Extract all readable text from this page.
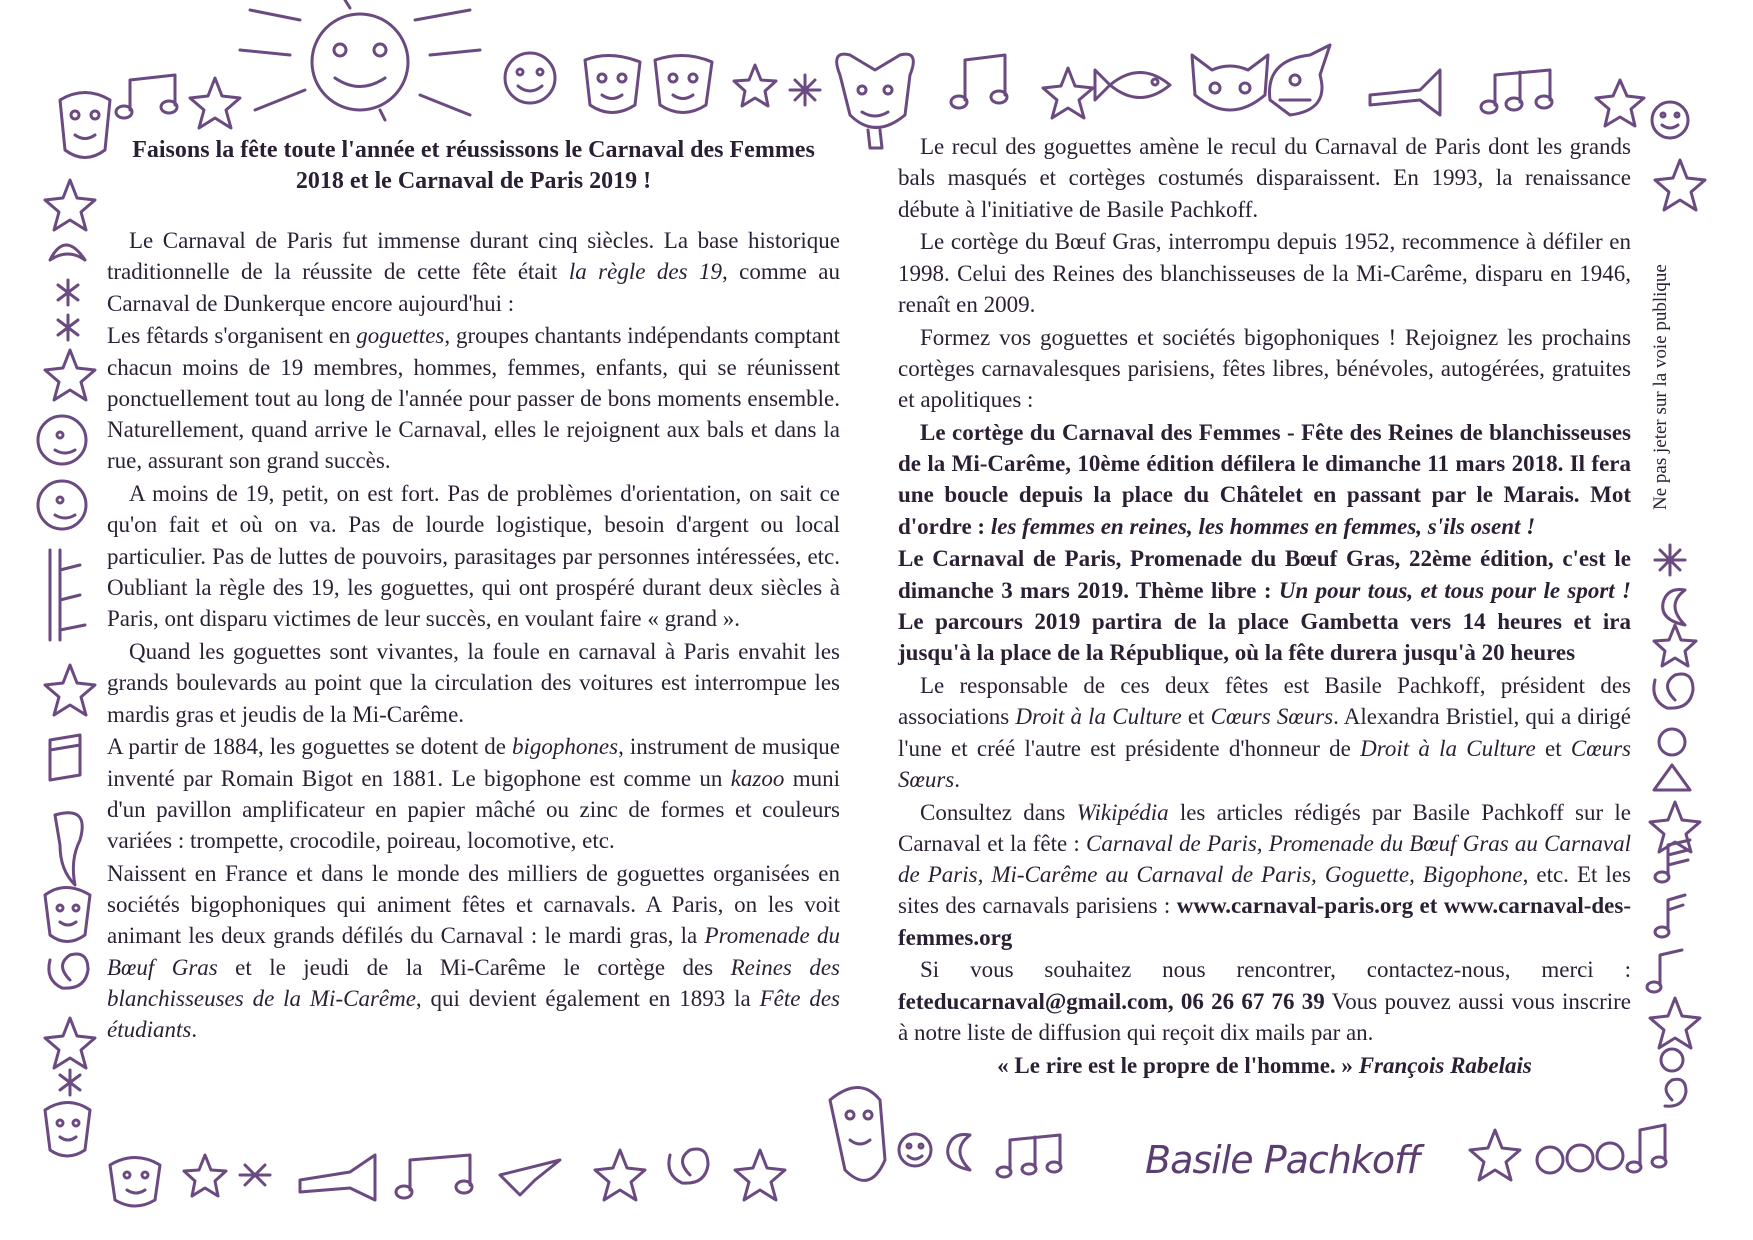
Faisons la fête toute l'année et réussissons le Carnaval des Femmes 2018 et le Carnaval de Paris 2019 !

Le Carnaval de Paris fut immense durant cinq siècles. La base historique traditionnelle de la réussite de cette fête était la règle des 19, comme au Carnaval de Dunkerque encore aujourd'hui :

Les fêtards s'organisent en goguettes, groupes chantants indépendants comptant chacun moins de 19 membres, hommes, femmes, enfants, qui se réunissent ponctuellement tout au long de l'année pour passer de bons moments ensemble. Naturellement, quand arrive le Carnaval, elles le rejoignent aux bals et dans la rue, assurant son grand succès.

A moins de 19, petit, on est fort. Pas de problèmes d'orientation, on sait ce qu'on fait et où on va. Pas de lourde logistique, besoin d'argent ou local particulier. Pas de luttes de pouvoirs, parasitages par personnes intéressées, etc. Oubliant la règle des 19, les goguettes, qui ont prospéré durant deux siècles à Paris, ont disparu victimes de leur succès, en voulant faire « grand ».

Quand les goguettes sont vivantes, la foule en carnaval à Paris envahit les grands boulevards au point que la circulation des voitures est interrompue les mardis gras et jeudis de la Mi-Carême.

A partir de 1884, les goguettes se dotent de bigophones, instrument de musique inventé par Romain Bigot en 1881. Le bigophone est comme un kazoo muni d'un pavillon amplificateur en papier mâché ou zinc de formes et couleurs variées : trompette, crocodile, poireau, locomotive, etc.

Naissent en France et dans le monde des milliers de goguettes organisées en sociétés bigophoniques qui animent fêtes et carnavals. A Paris, on les voit animant les deux grands défilés du Carnaval : le mardi gras, la Promenade du Bœuf Gras et le jeudi de la Mi-Carême le cortège des Reines des blanchisseuses de la Mi-Carême, qui devient également en 1893 la Fête des étudiants.

Le recul des goguettes amène le recul du Carnaval de Paris dont les grands bals masqués et cortèges costumés disparaissent. En 1993, la renaissance débute à l'initiative de Basile Pachkoff.

Le cortège du Bœuf Gras, interrompu depuis 1952, recommence à défiler en 1998. Celui des Reines des blanchisseuses de la Mi-Carême, disparu en 1946, renaît en 2009.

Formez vos goguettes et sociétés bigophoniques ! Rejoignez les prochains cortèges carnavalesques parisiens, fêtes libres, bénévoles, autogérées, gratuites et apolitiques :

Le cortège du Carnaval des Femmes - Fête des Reines de blanchisseuses de la Mi-Carême, 10ème édition défilera le dimanche 11 mars 2018. Il fera une boucle depuis la place du Châtelet en passant par le Marais. Mot d'ordre : les femmes en reines, les hommes en femmes, s'ils osent !

Le Carnaval de Paris, Promenade du Bœuf Gras, 22ème édition, c'est le dimanche 3 mars 2019. Thème libre : Un pour tous, et tous pour le sport ! Le parcours 2019 partira de la place Gambetta vers 14 heures et ira jusqu'à la place de la République, où la fête durera jusqu'à 20 heures

Le responsable de ces deux fêtes est Basile Pachkoff, président des associations Droit à la Culture et Cœurs Sœurs. Alexandra Bristiel, qui a dirigé l'une et créé l'autre est présidente d'honneur de Droit à la Culture et Cœurs Sœurs.

Consultez dans Wikipédia les articles rédigés par Basile Pachkoff sur le Carnaval et la fête : Carnaval de Paris, Promenade du Bœuf Gras au Carnaval de Paris, Mi-Carême au Carnaval de Paris, Goguette, Bigophone, etc. Et les sites des carnavals parisiens : www.carnaval-paris.org et www.carnaval-des-femmes.org

Si vous souhaitez nous rencontrer, contactez-nous, merci : feteducarnaval@gmail.com, 06 26 67 76 39 Vous pouvez aussi vous inscrire à notre liste de diffusion qui reçoit dix mails par an.

« Le rire est le propre de l'homme. » François Rabelais

Ne pas jeter sur la voie publique
Basile Pachkoff
